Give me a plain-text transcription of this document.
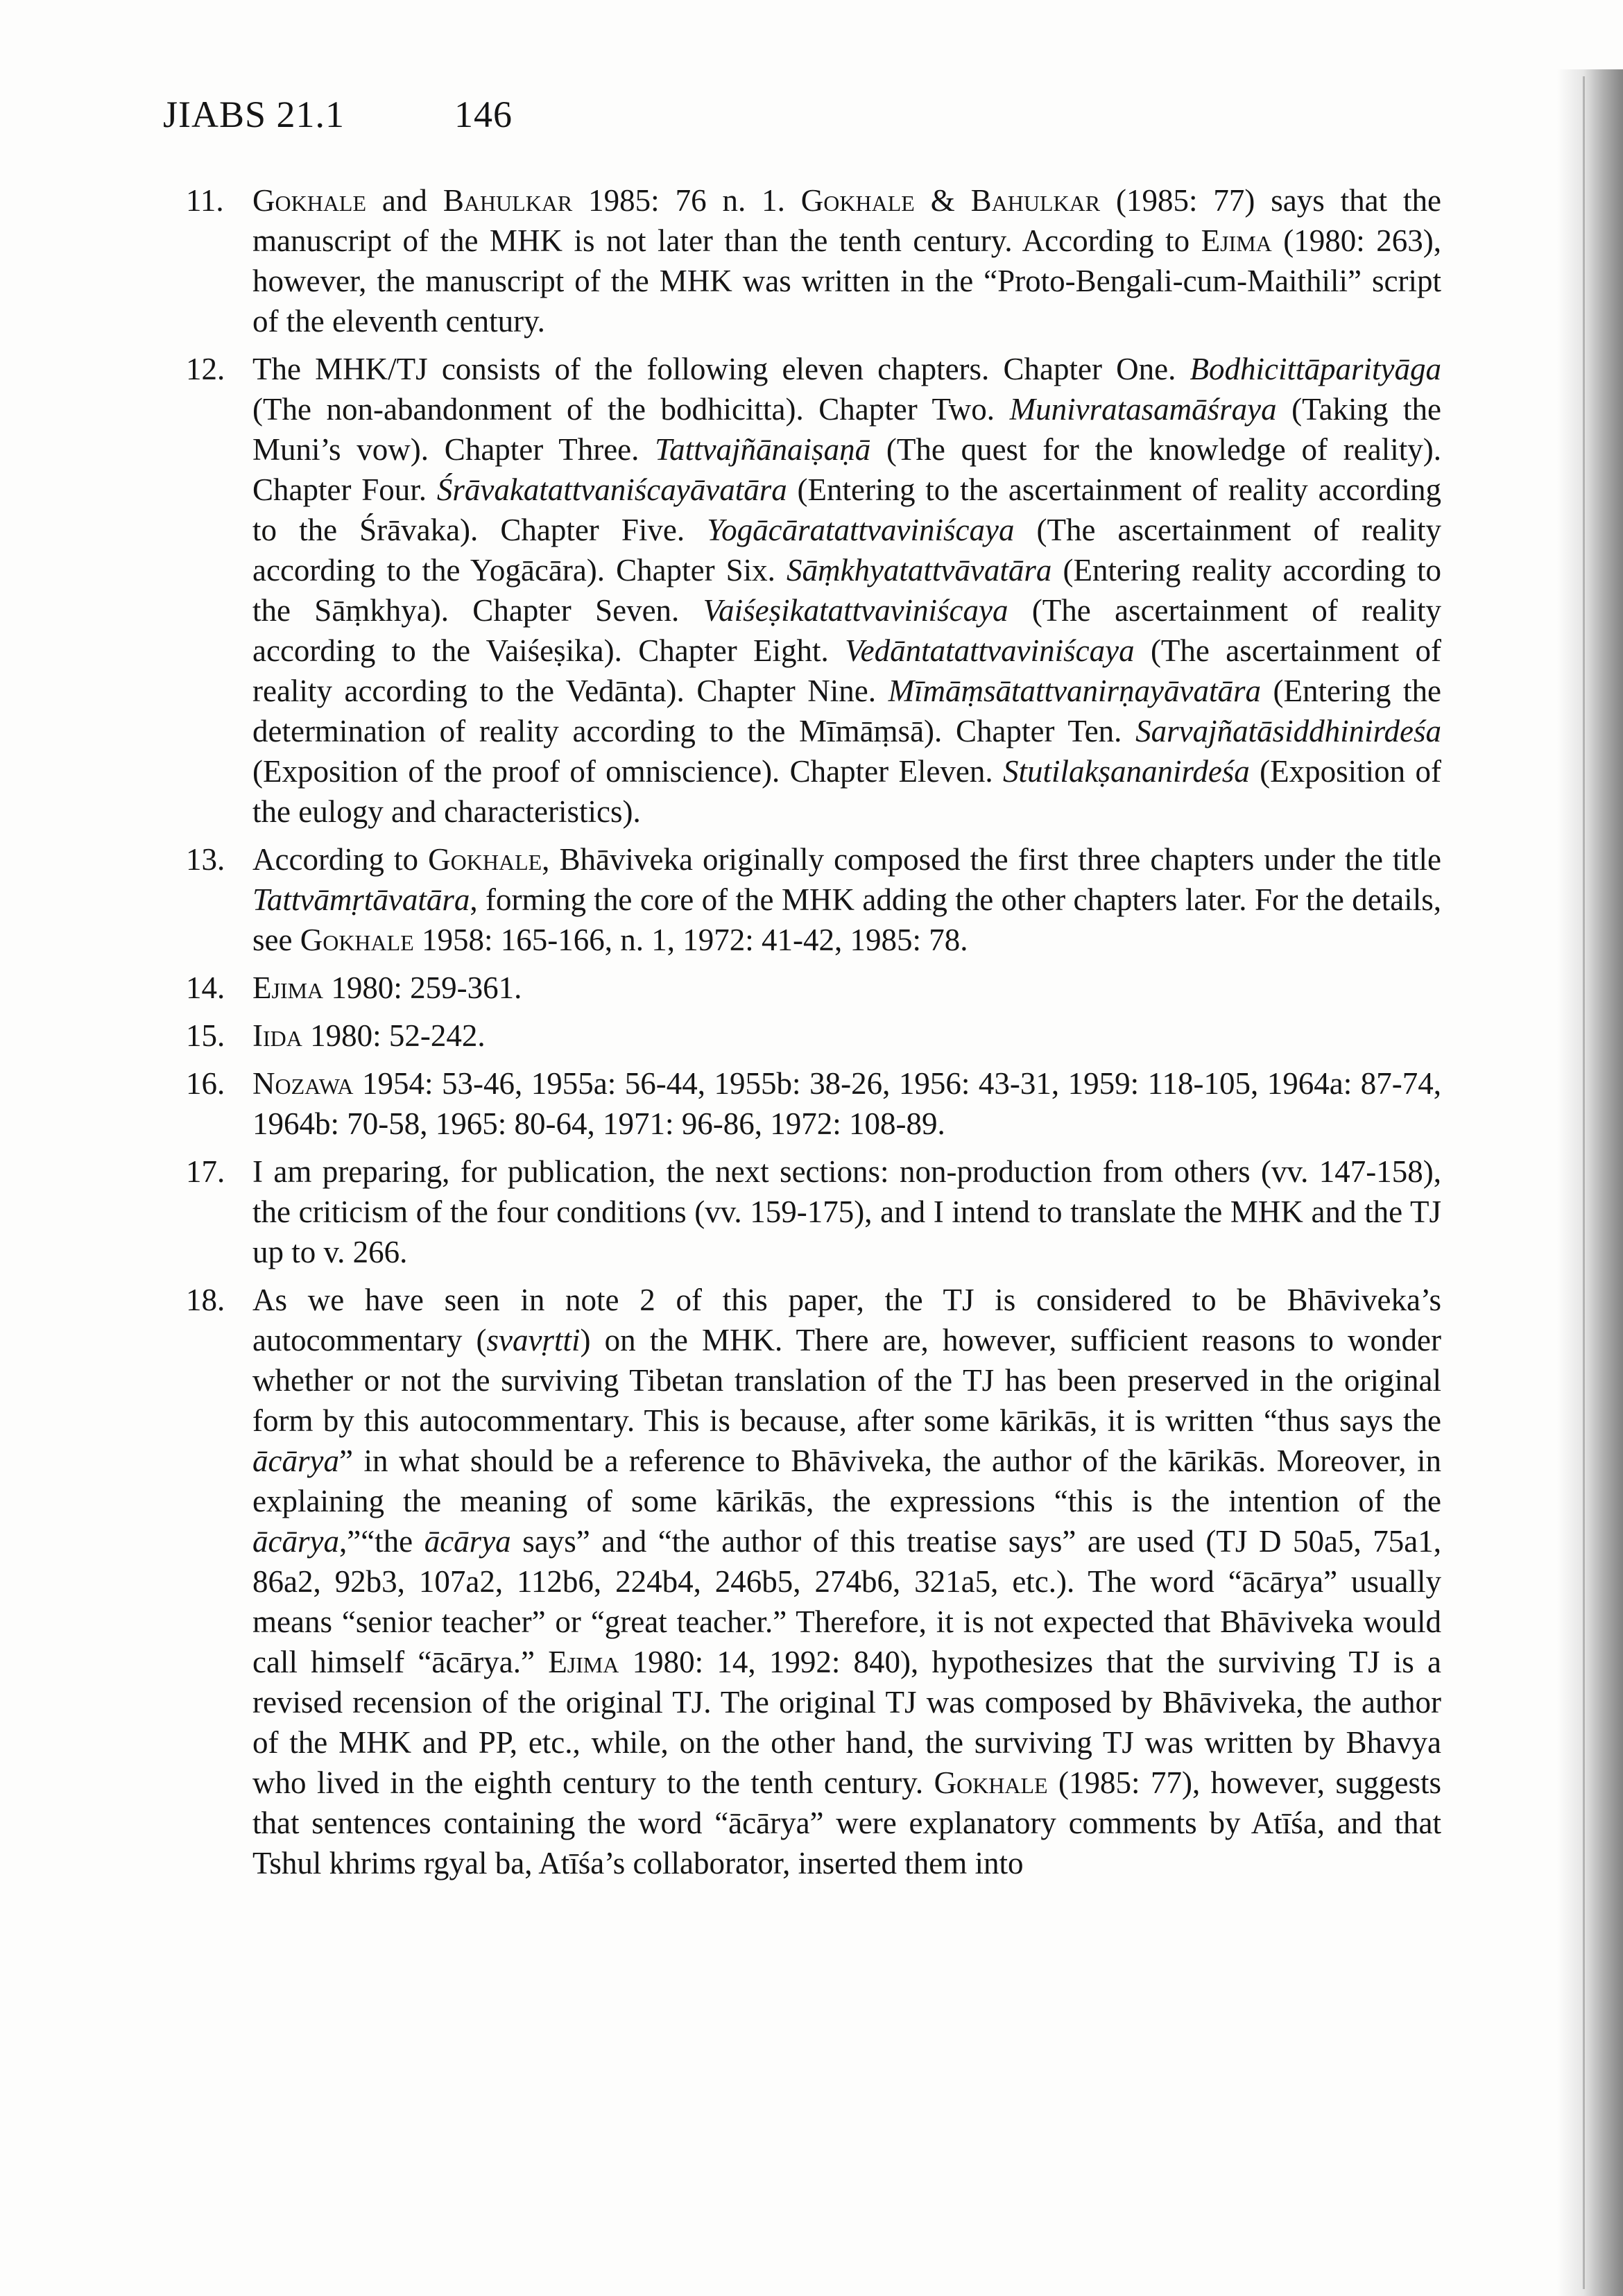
JIABS 21.1	146
11. Gokhale and Bahulkar 1985: 76 n. 1. Gokhale & Bahulkar (1985: 77) says that the manuscript of the MHK is not later than the tenth century. According to Ejima (1980: 263), however, the manuscript of the MHK was written in the “Proto-Bengali-cum-Maithili” script of the eleventh century.
12. The MHK/TJ consists of the following eleven chapters. Chapter One. Bodhicittāparityāga (The non-abandonment of the bodhicitta). Chapter Two. Munivratasamāśraya (Taking the Muni’s vow). Chapter Three. Tattvajñānaiṣaṇā (The quest for the knowledge of reality). Chapter Four. Śrāvakatattvaniścayāvatāra (Entering to the ascertainment of reality according to the Śrāvaka). Chapter Five. Yogācāratattvaviniścaya (The ascertainment of reality according to the Yogācāra). Chapter Six. Sāṃkhyatattvāvatāra (Entering reality according to the Sāṃkhya). Chapter Seven. Vaiśeṣikatattvaviniścaya (The ascertainment of reality according to the Vaiśeṣika). Chapter Eight. Vedāntatattvaviniścaya (The ascertainment of reality according to the Vedānta). Chapter Nine. Mīmāṃsātattvanirṇayāvatāra (Entering the determination of reality according to the Mīmāṃsā). Chapter Ten. Sarvajñatāsiddhinirdeśa (Exposition of the proof of omniscience). Chapter Eleven. Stutilakṣananirdeśa (Exposition of the eulogy and characteristics).
13. According to Gokhale, Bhāviveka originally composed the first three chapters under the title Tattvāmṛtāvatāra, forming the core of the MHK adding the other chapters later. For the details, see Gokhale 1958: 165-166, n. 1, 1972: 41-42, 1985: 78.
14. Ejima 1980: 259-361.
15. Iida 1980: 52-242.
16. Nozawa 1954: 53-46, 1955a: 56-44, 1955b: 38-26, 1956: 43-31, 1959: 118-105, 1964a: 87-74, 1964b: 70-58, 1965: 80-64, 1971: 96-86, 1972: 108-89.
17. I am preparing, for publication, the next sections: non-production from others (vv. 147-158), the criticism of the four conditions (vv. 159-175), and I intend to translate the MHK and the TJ up to v. 266.
18. As we have seen in note 2 of this paper, the TJ is considered to be Bhāviveka’s autocommentary (svavṛtti) on the MHK. There are, however, sufficient reasons to wonder whether or not the surviving Tibetan translation of the TJ has been preserved in the original form by this autocommentary. This is because, after some kārikās, it is written “thus says the ācārya” in what should be a reference to Bhāviveka, the author of the kārikās. Moreover, in explaining the meaning of some kārikās, the expressions “this is the intention of the ācārya,”“the ācārya says” and “the author of this treatise says” are used (TJ D 50a5, 75a1, 86a2, 92b3, 107a2, 112b6, 224b4, 246b5, 274b6, 321a5, etc.). The word “ācārya” usually means “senior teacher” or “great teacher.” Therefore, it is not expected that Bhāviveka would call himself “ācārya.” Ejima 1980: 14, 1992: 840), hypothesizes that the surviving TJ is a revised recension of the original TJ. The original TJ was composed by Bhāviveka, the author of the MHK and PP, etc., while, on the other hand, the surviving TJ was written by Bhavya who lived in the eighth century to the tenth century. Gokhale (1985: 77), however, suggests that sentences containing the word “ācārya” were explanatory comments by Atīśa, and that Tshul khrims rgyal ba, Atīśa’s collaborator, inserted them into
